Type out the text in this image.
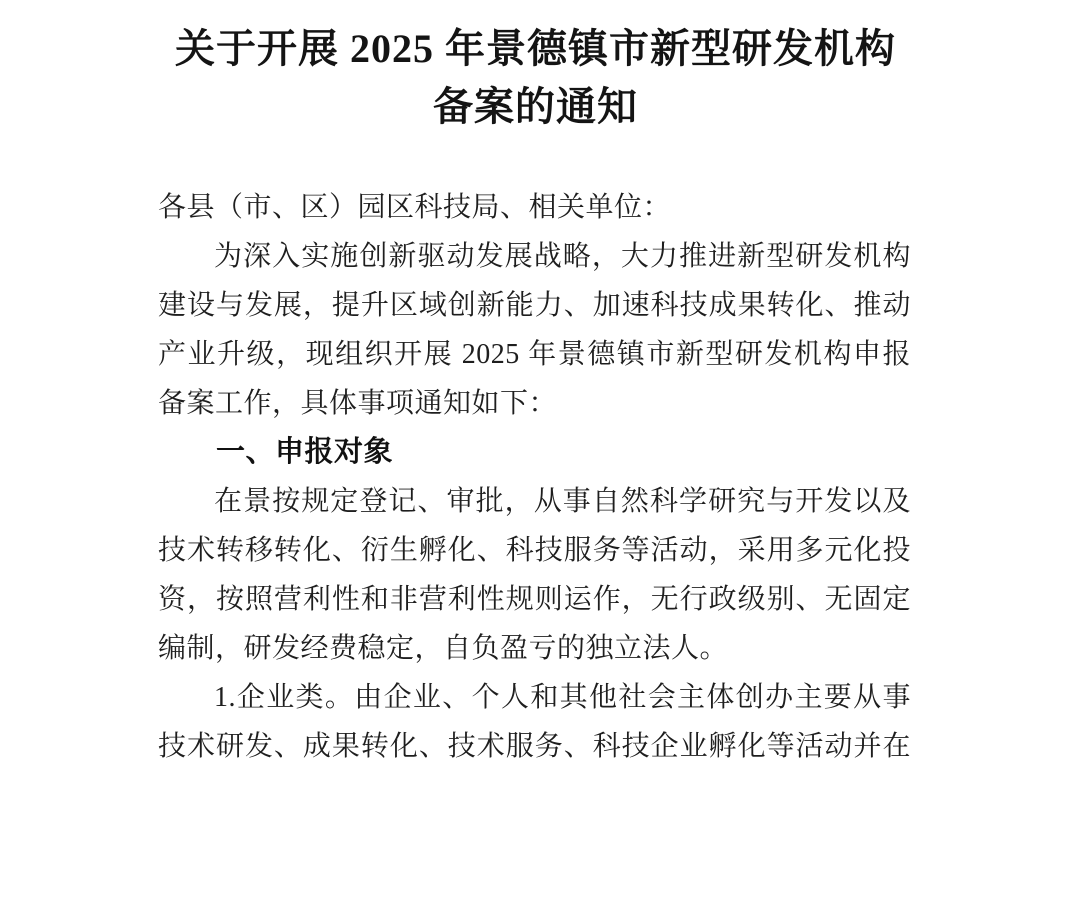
关于开展 2025 年景德镇市新型研发机构
备案的通知
各县（市、区）园区科技局、相关单位：
为深入实施创新驱动发展战略，大力推进新型研发机构
建设与发展，提升区域创新能力、加速科技成果转化、推动
产业升级，现组织开展 2025 年景德镇市新型研发机构申报
备案工作，具体事项通知如下：
一、申报对象
在景按规定登记、审批，从事自然科学研究与开发以及
技术转移转化、衍生孵化、科技服务等活动，采用多元化投
资，按照营利性和非营利性规则运作，无行政级别、无固定
编制，研发经费稳定，自负盈亏的独立法人。
1.企业类。由企业、个人和其他社会主体创办主要从事
技术研发、成果转化、技术服务、科技企业孵化等活动并在
